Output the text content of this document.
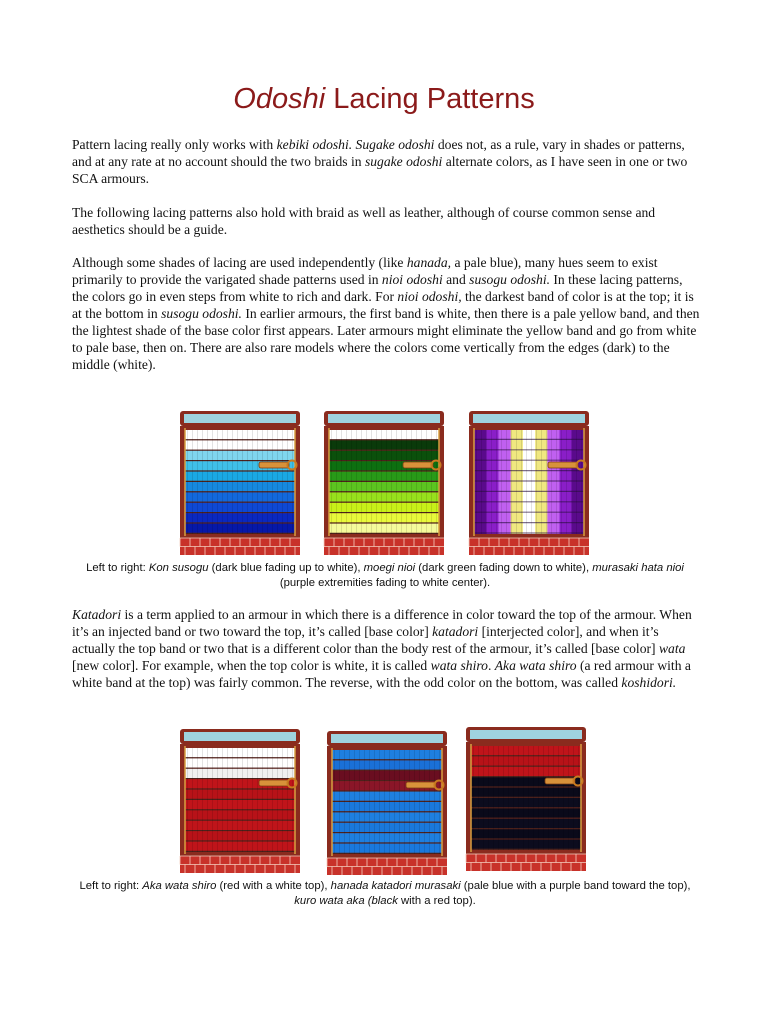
Odoshi Lacing Patterns

Pattern lacing really only works with kebiki odoshi. Sugake odoshi does not, as a rule, vary in shades or patterns, and at any rate at no account should the two braids in sugake odoshi alternate colors, as I have seen in one or two SCA armours.

The following lacing patterns also hold with braid as well as leather, although of course common sense and aesthetics should be a guide.

Although some shades of lacing are used independently (like hanada, a pale blue), many hues seem to exist primarily to provide the varigated shade patterns used in nioi odoshi and susogu odoshi. In these lacing patterns, the colors go in even steps from white to rich and dark. For nioi odoshi, the darkest band of color is at the top; it is at the bottom in susogu odoshi. In earlier armours, the first band is white, then there is a pale yellow band, and then the lightest shade of the base color first appears. Later armours might eliminate the yellow band and go from white to pale base, then on. There are also rare models where the colors come vertically from the edges (dark) to the middle (white).

Left to right: Kon susogu (dark blue fading up to white), moegi nioi (dark green fading down to white), murasaki hata nioi (purple extremities fading to white center).

Katadori is a term applied to an armour in which there is a difference in color toward the top of the armour. When it’s an injected band or two toward the top, it’s called [base color] katadori [interjected color], and when it’s actually the top band or two that is a different color than the body rest of the armour, it’s called [base color] wata [new color]. For example, when the top color is white, it is called wata shiro. Aka wata shiro (a red armour with a white band at the top) was fairly common. The reverse, with the odd color on the bottom, was called koshidori.

Left to right: Aka wata shiro (red with a white top), hanada katadori murasaki (pale blue with a purple band toward the top), kuro wata aka (black with a red top).
